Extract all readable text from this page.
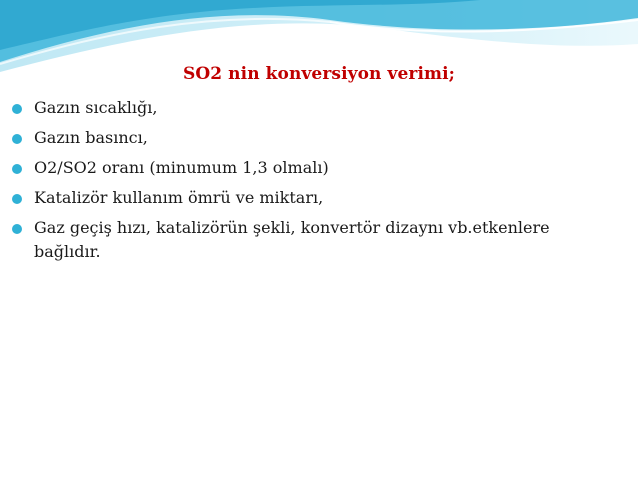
SO2 nin konversiyon verimi;
Gazın sıcaklığı,
Gazın basıncı,
O2/SO2 oranı (minumum 1,3 olmalı)
Katalizör kullanım ömrü ve miktarı,
Gaz geçiş hızı, katalizörün şekli, konvertör dizaynı vb.etkenlere bağlıdır.
